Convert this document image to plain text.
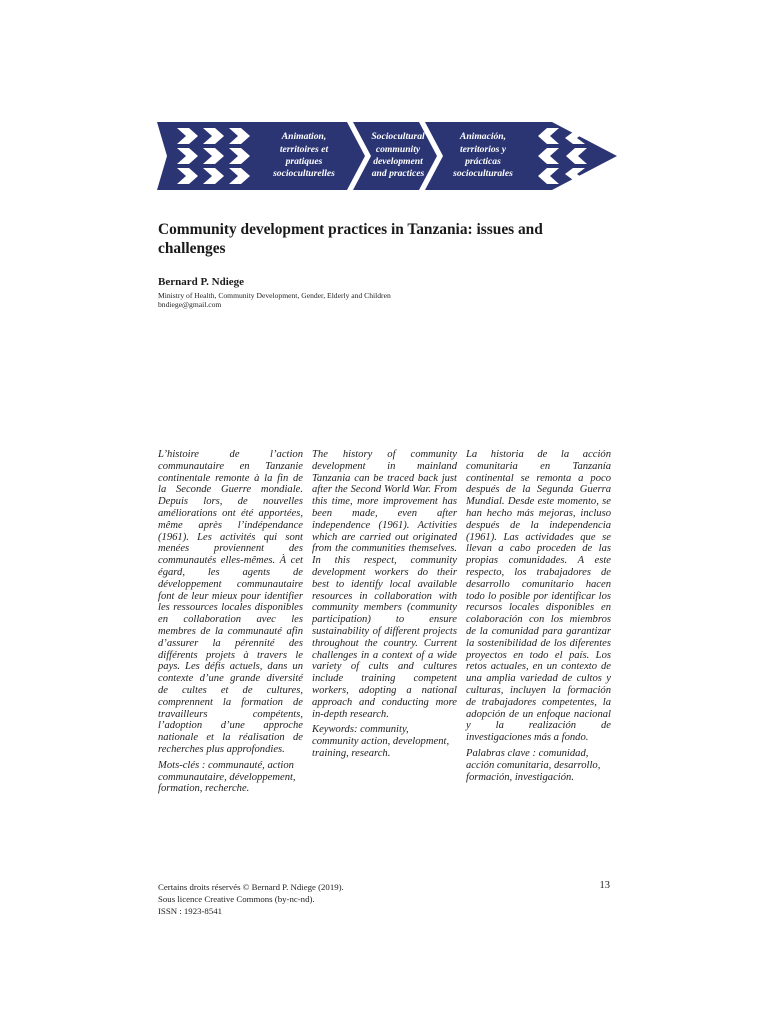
Animation,
territoires et
pratiques
socioculturelles
Sociocultural
community
development
and practices
Animación,
territorios y
prácticas
socioculturales
Community development practices in Tanzania: issues and challenges

Bernard P. Ndiege

Ministry of Health, Community Development, Gender, Elderly and Children

bndiege@gmail.com

L’histoire de l’action communautaire en Tanzanie continentale remonte à la fin de la Seconde Guerre mondiale. Depuis lors, de nouvelles améliorations ont été apportées, même après l’indépendance (1961). Les activités qui sont menées proviennent des communautés elles-mêmes. À cet égard, les agents de développement communautaire font de leur mieux pour identifier les ressources locales disponibles en collaboration avec les membres de la communauté afin d’assurer la pérennité des différents projets à travers le pays. Les défis actuels, dans un contexte d’une grande diversité de cultes et de cultures, comprennent la formation de travailleurs compétents, l’adoption d’une approche nationale et la réalisation de recherches plus approfondies.

Mots-clés : communauté, action communautaire, développement, formation, recherche.

The history of community development in mainland Tanzania can be traced back just after the Second World War. From this time, more improvement has been made, even after independence (1961). Activities which are carried out originated from the communities themselves. In this respect, community development workers do their best to identify local available resources in collaboration with community members (community participation) to ensure sustainability of different projects throughout the country. Current challenges in a context of a wide variety of cults and cultures include training competent workers, adopting a national approach and conducting more in-depth research.

Keywords: community, community action, development, training, research.

La historia de la acción comunitaria en Tanzanía continental se remonta a poco después de la Segunda Guerra Mundial. Desde este momento, se han hecho más mejoras, incluso después de la independencia (1961). Las actividades que se llevan a cabo proceden de las propias comunidades. A este respecto, los trabajadores de desarrollo comunitario hacen todo lo posible por identificar los recursos locales disponibles en colaboración con los miembros de la comunidad para garantizar la sostenibilidad de los diferentes proyectos en todo el país. Los retos actuales, en un contexto de una amplia variedad de cultos y culturas, incluyen la formación de trabajadores competentes, la adopción de un enfoque nacional y la realización de investigaciones más a fondo.

Palabras clave : comunidad, acción comunitaria, desarrollo, formación, investigación.

Certains droits réservés © Bernard P. Ndiege (2019).
Sous licence Creative Commons (by-nc-nd).
ISSN : 1923-8541
13
